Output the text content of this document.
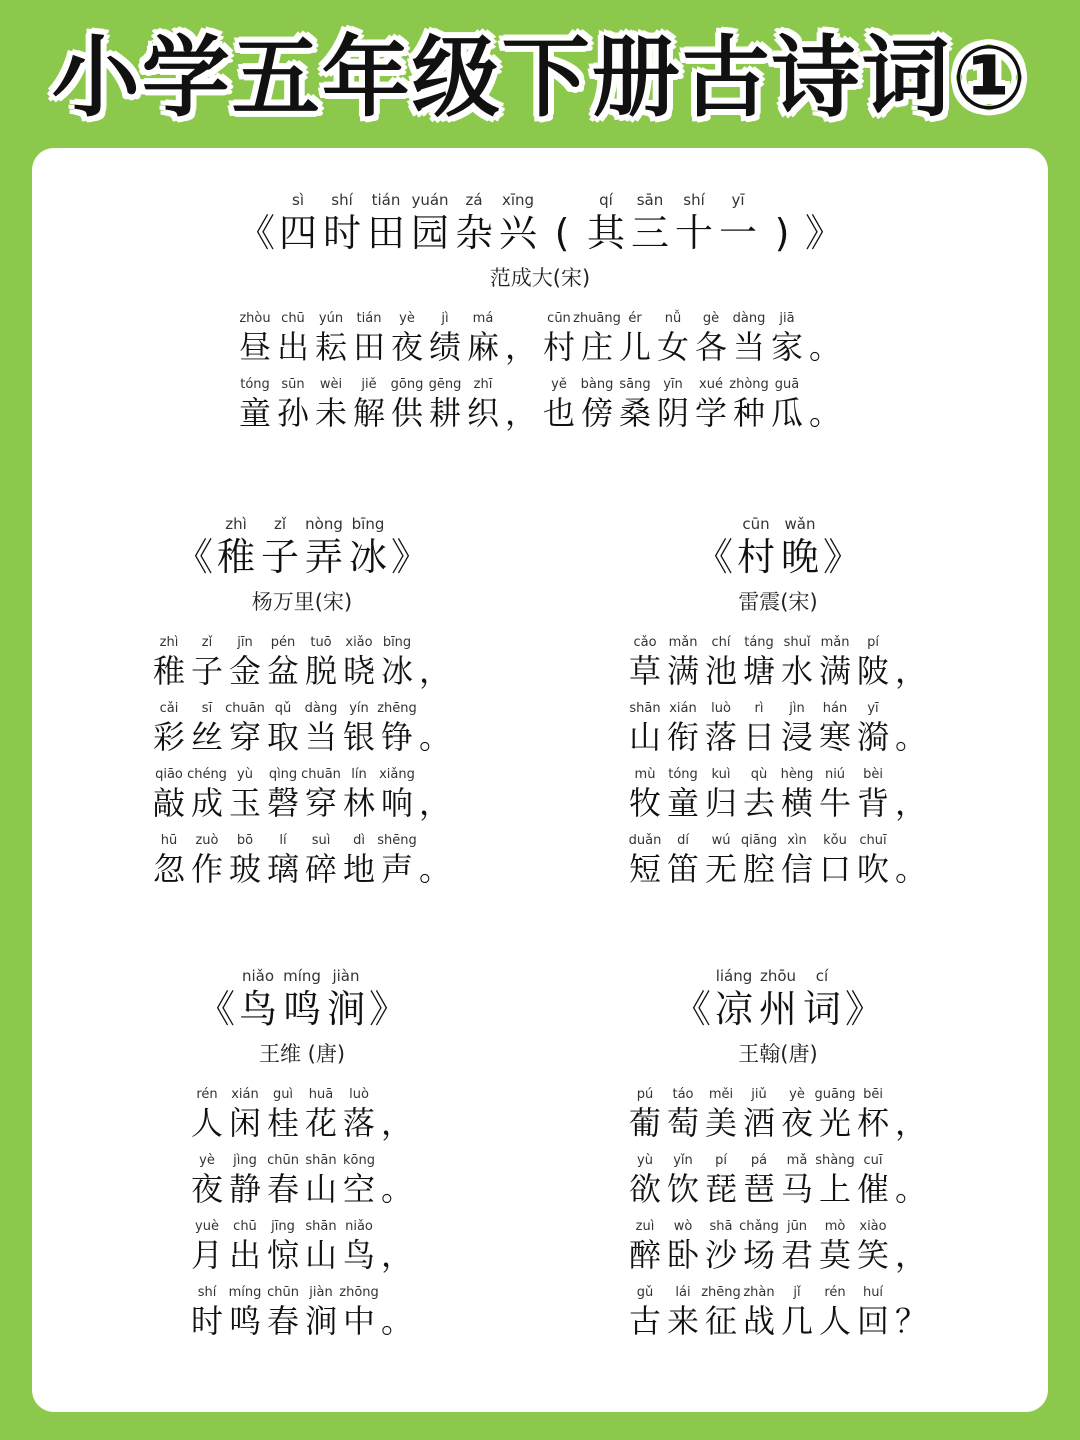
小学五年级下册古诗词①
《
sì
四
shí
时
tián
田
yuán
园
zá
杂
xīng
兴 (
qí
其
sān
三
shí
十
yī
一 ) 》
范成大(宋)
zhòu
昼
chū
出
yún
耘
tián
田
yè
夜
jì
绩
má
麻 ，
cūn
村
zhuāng
庄
ér
儿
nǚ
女
gè
各
dàng
当
jiā
家 。
tóng
童
sūn
孙
wèi
未
jiě
解
gōng
供
gēng
耕
zhī
织 ，
yě
也
bàng
傍
sāng
桑
yīn
阴
xué
学
zhòng
种
guā
瓜 。
《
zhì
稚
zǐ
子
nòng
弄
bīng
冰 》
杨万里(宋)
zhì
稚
zǐ
子
jīn
金
pén
盆
tuō
脱
xiǎo
晓
bīng
冰 ，
cǎi
彩
sī
丝
chuān
穿
qǔ
取
dàng
当
yín
银
zhēng
铮 。
qiāo
敲
chéng
成
yù
玉
qìng
磬
chuān
穿
lín
林
xiǎng
响 ，
hū
忽
zuò
作
bō
玻
lí
璃
suì
碎
dì
地
shēng
声 。
《
cūn
村
wǎn
晚 》
雷震(宋)
cǎo
草
mǎn
满
chí
池
táng
塘
shuǐ
水
mǎn
满
pí
陂 ，
shān
山
xián
衔
luò
落
rì
日
jìn
浸
hán
寒
yī
漪 。
mù
牧
tóng
童
kuì
归
qù
去
hèng
横
niú
牛
bèi
背 ，
duǎn
短
dí
笛
wú
无
qiāng
腔
xìn
信
kǒu
口
chuī
吹 。
《
niǎo
鸟
míng
鸣
jiàn
涧 》
王维 (唐)
rén
人
xián
闲
guì
桂
huā
花
luò
落 ，
yè
夜
jìng
静
chūn
春
shān
山
kōng
空 。
yuè
月
chū
出
jīng
惊
shān
山
niǎo
鸟 ，
shí
时
míng
鸣
chūn
春
jiàn
涧
zhōng
中 。
《
liáng
凉
zhōu
州
cí
词 》
王翰(唐)
pú
葡
táo
萄
měi
美
jiǔ
酒
yè
夜
guāng
光
bēi
杯 ，
yù
欲
yǐn
饮
pí
琵
pá
琶
mǎ
马
shàng
上
cuī
催 。
zuì
醉
wò
卧
shā
沙
chǎng
场
jūn
君
mò
莫
xiào
笑 ，
gǔ
古
lái
来
zhēng
征
zhàn
战
jǐ
几
rén
人
huí
回 ？
